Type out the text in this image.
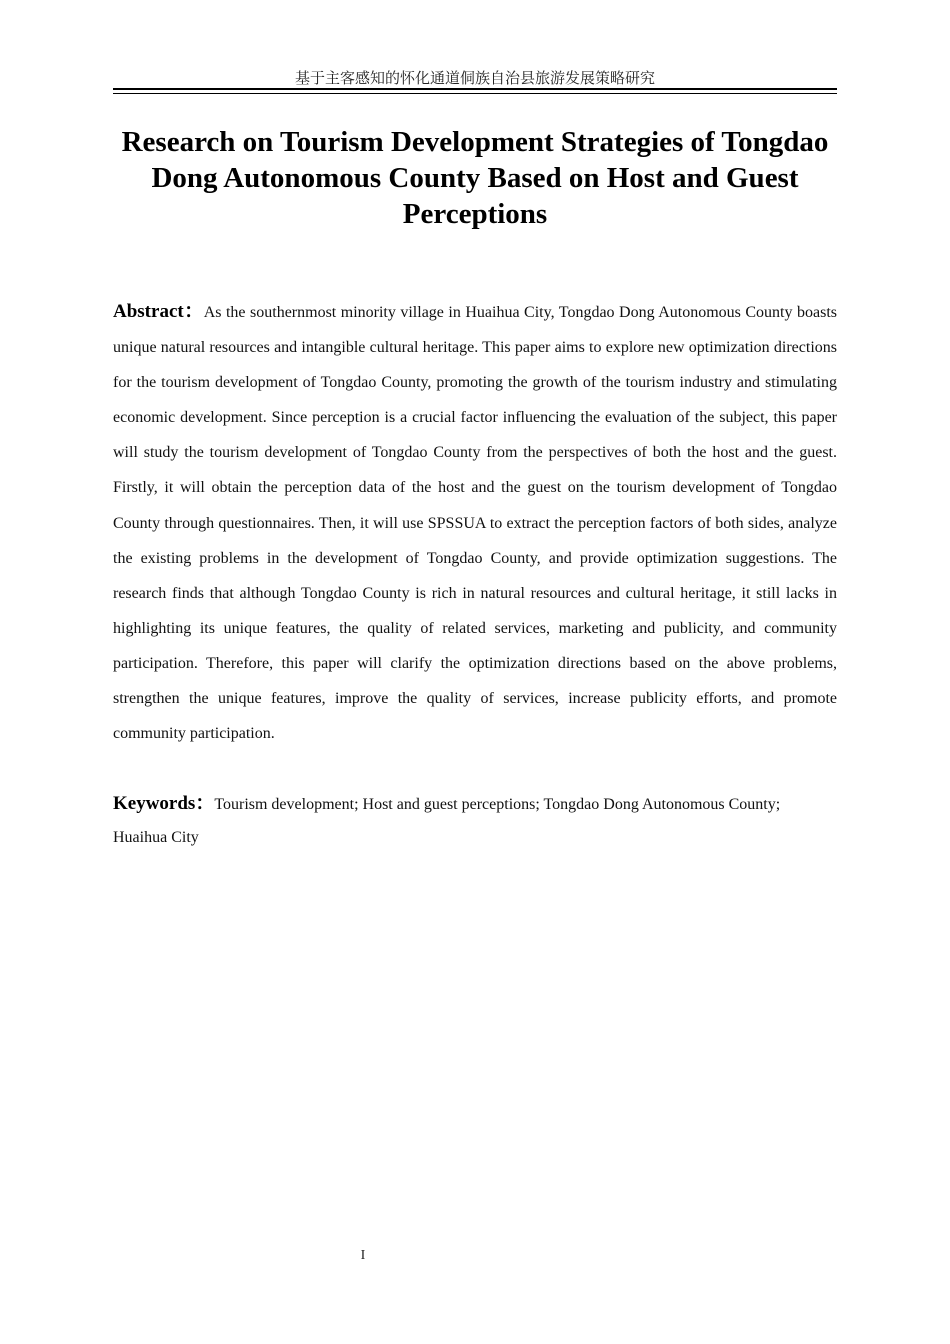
基于主客感知的怀化通道侗族自治县旅游发展策略研究
Research on Tourism Development Strategies of Tongdao Dong Autonomous County Based on Host and Guest Perceptions

Abstract：As the southernmost minority village in Huaihua City, Tongdao Dong Autonomous County boasts unique natural resources and intangible cultural heritage. This paper aims to explore new optimization directions for the tourism development of Tongdao County, promoting the growth of the tourism industry and stimulating economic development. Since perception is a crucial factor influencing the evaluation of the subject, this paper will study the tourism development of Tongdao County from the perspectives of both the host and the guest. Firstly, it will obtain the perception data of the host and the guest on the tourism development of Tongdao County through questionnaires. Then, it will use SPSSUA to extract the perception factors of both sides, analyze the existing problems in the development of Tongdao County, and provide optimization suggestions. The research finds that although Tongdao County is rich in natural resources and cultural heritage, it still lacks in highlighting its unique features, the quality of related services, marketing and publicity, and community participation. Therefore, this paper will clarify the optimization directions based on the above problems, strengthen the unique features, improve the quality of services, increase publicity efforts, and promote community participation.

Keywords：Tourism development; Host and guest perceptions; Tongdao Dong Autonomous County; Huaihua City

I
